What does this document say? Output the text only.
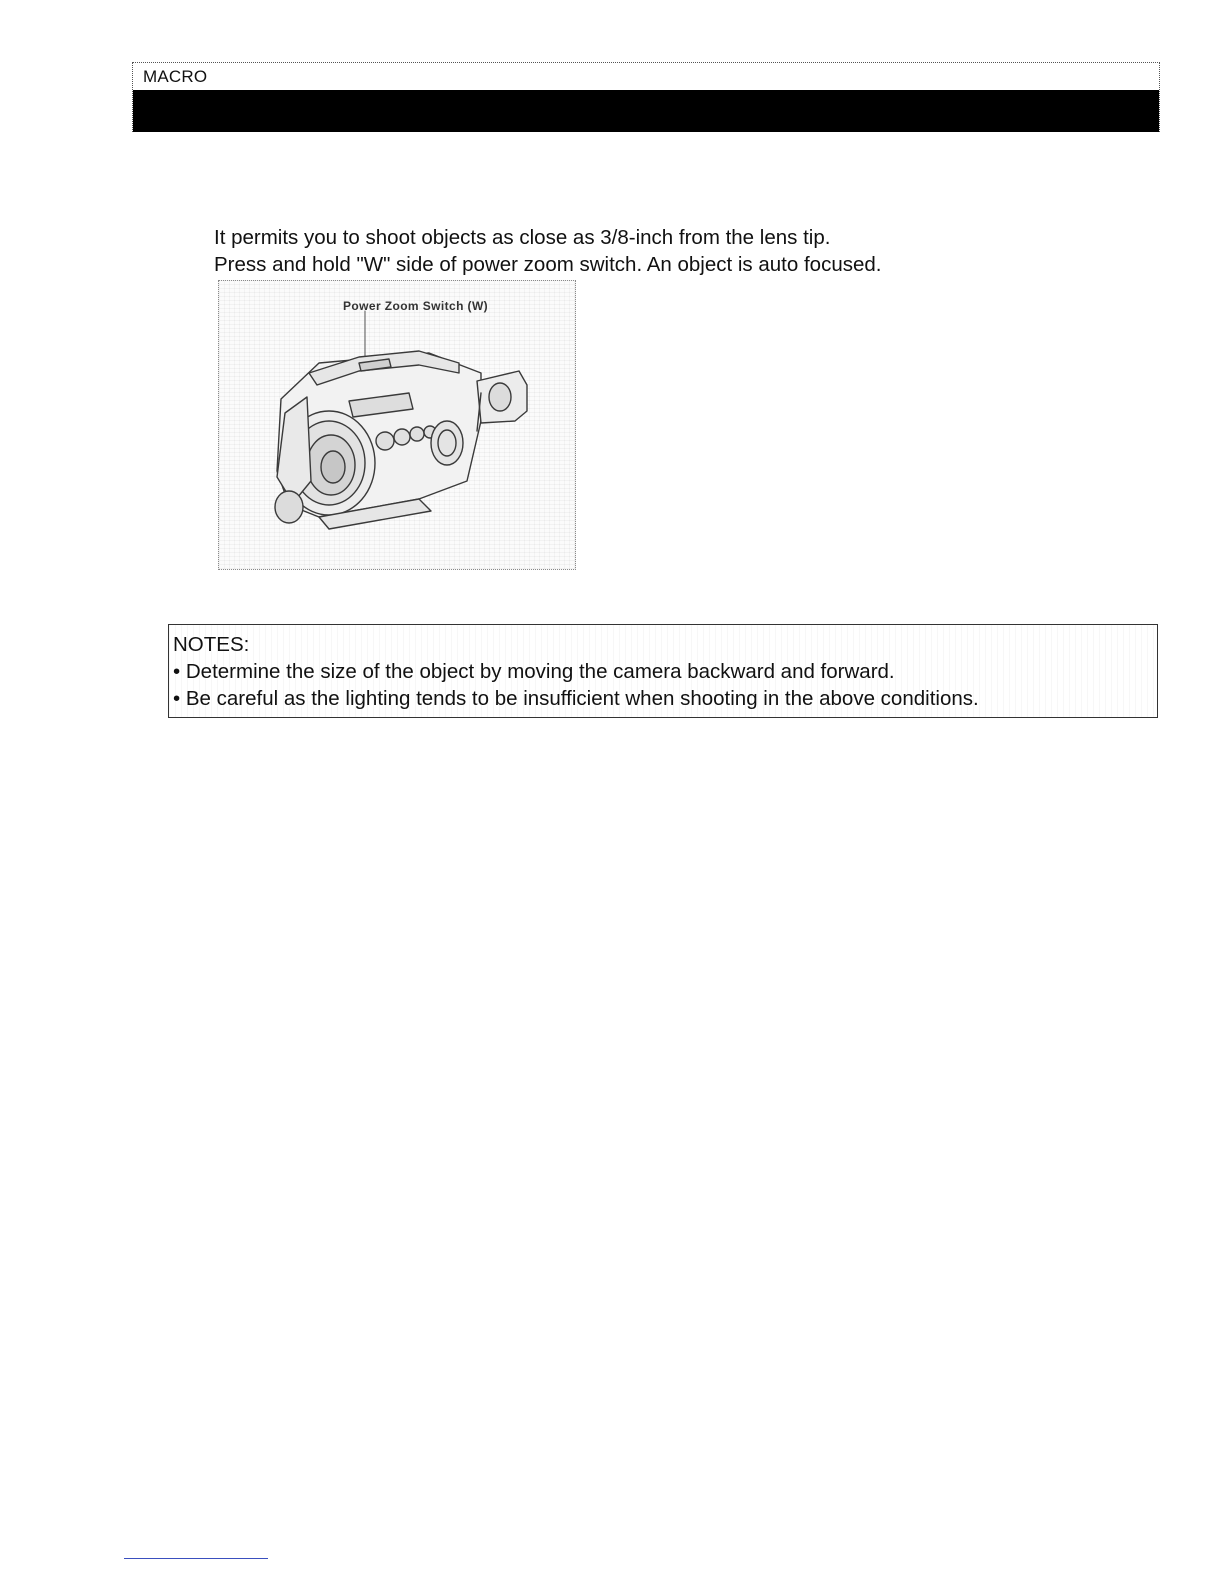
MACRO

It permits you to shoot objects as close as 3/8-inch from the lens tip.

Press and hold "W" side of power zoom switch. An object is auto focused.

Power Zoom Switch (W)
NOTES:
• Determine the size of the object by moving the camera backward and forward.
• Be careful as the lighting tends to be insufficient when shooting in the above conditions.
